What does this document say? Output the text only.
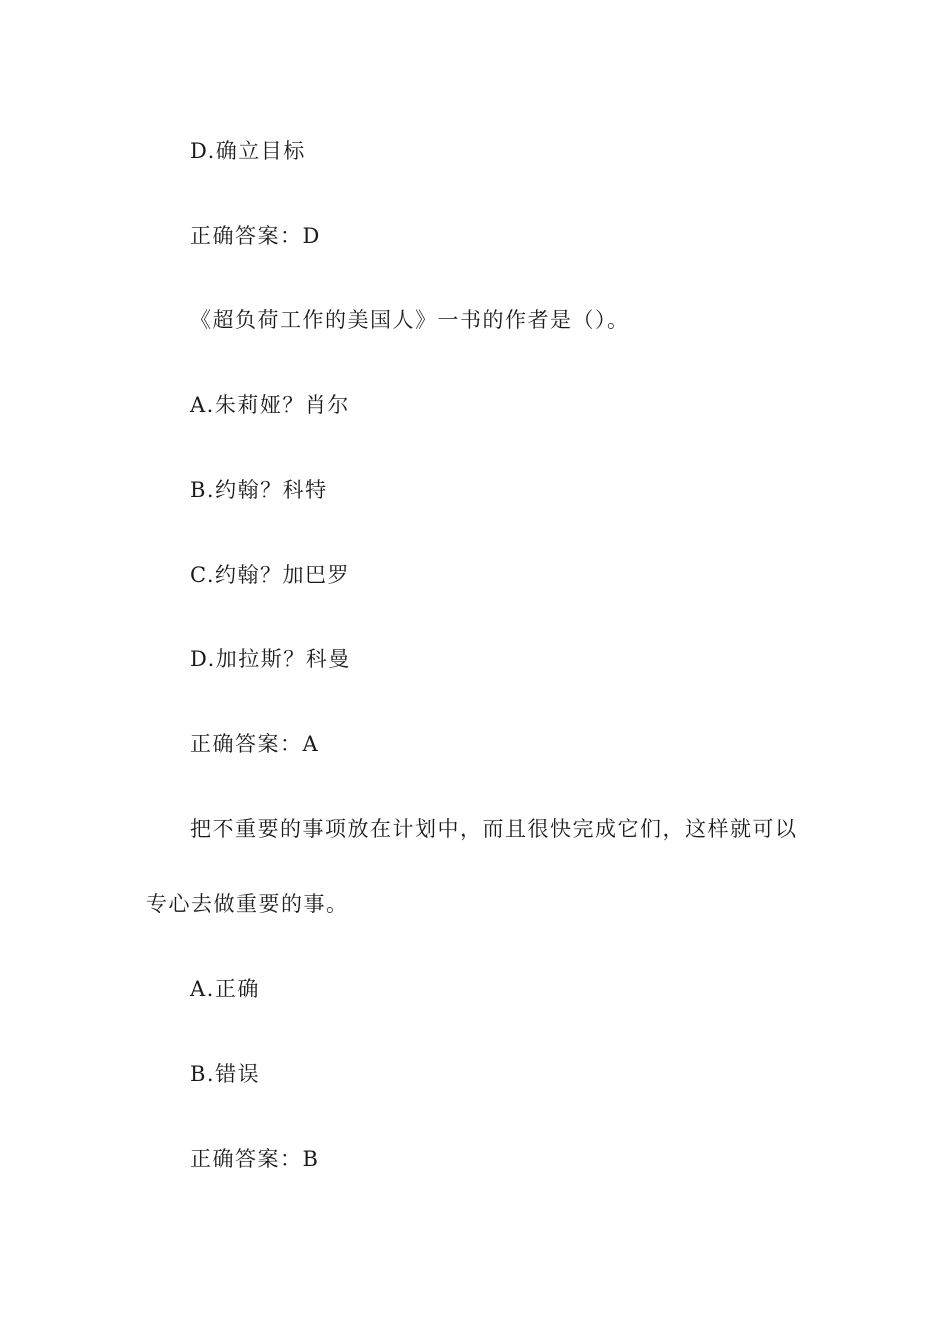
D.确立目标
正确答案：D
《超负荷工作的美国人》一书的作者是（）。
A.朱莉娅？肖尔
B.约翰？科特
C.约翰？加巴罗
D.加拉斯？科曼
正确答案：A
把不重要的事项放在计划中，而且很快完成它们，这样就可以
专心去做重要的事。
A.正确
B.错误
正确答案：B
